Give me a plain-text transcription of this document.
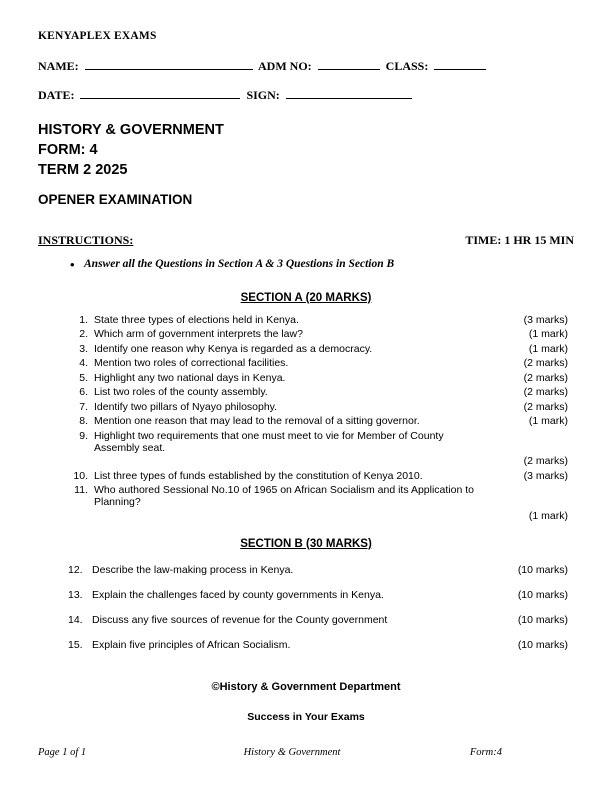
KENYAPLEX EXAMS
NAME:	ADM NO:	CLASS:
DATE:	SIGN:
HISTORY & GOVERNMENT
FORM: 4
TERM 2 2025
OPENER EXAMINATION
INSTRUCTIONS:	TIME: 1 HR 15 MIN
• Answer all the Questions in Section A & 3 Questions in Section B
SECTION A (20 MARKS)
1. State three types of elections held in Kenya.	(3 marks)
2. Which arm of government interprets the law?	(1 mark)
3. Identify one reason why Kenya is regarded as a democracy.	(1 mark)
4. Mention two roles of correctional facilities.	(2 marks)
5. Highlight any two national days in Kenya.	(2 marks)
6. List two roles of the county assembly.	(2 marks)
7. Identify two pillars of Nyayo philosophy.	(2 marks)
8. Mention one reason that may lead to the removal of a sitting governor.	(1 mark)
9. Highlight two requirements that one must meet to vie for Member of County Assembly seat.
(2 marks)
10. List three types of funds established by the constitution of Kenya 2010.	(3 marks)
11. Who authored Sessional No.10 of 1965 on African Socialism and its Application to Planning?
(1 mark)
SECTION B (30 MARKS)
12. Describe the law-making process in Kenya.	(10 marks)
13. Explain the challenges faced by county governments in Kenya.	(10 marks)
14. Discuss any five sources of revenue for the County government	(10 marks)
15. Explain five principles of African Socialism.	(10 marks)
©History & Government Department
Success in Your Exams
Page 1 of 1	History & Government	Form:4
